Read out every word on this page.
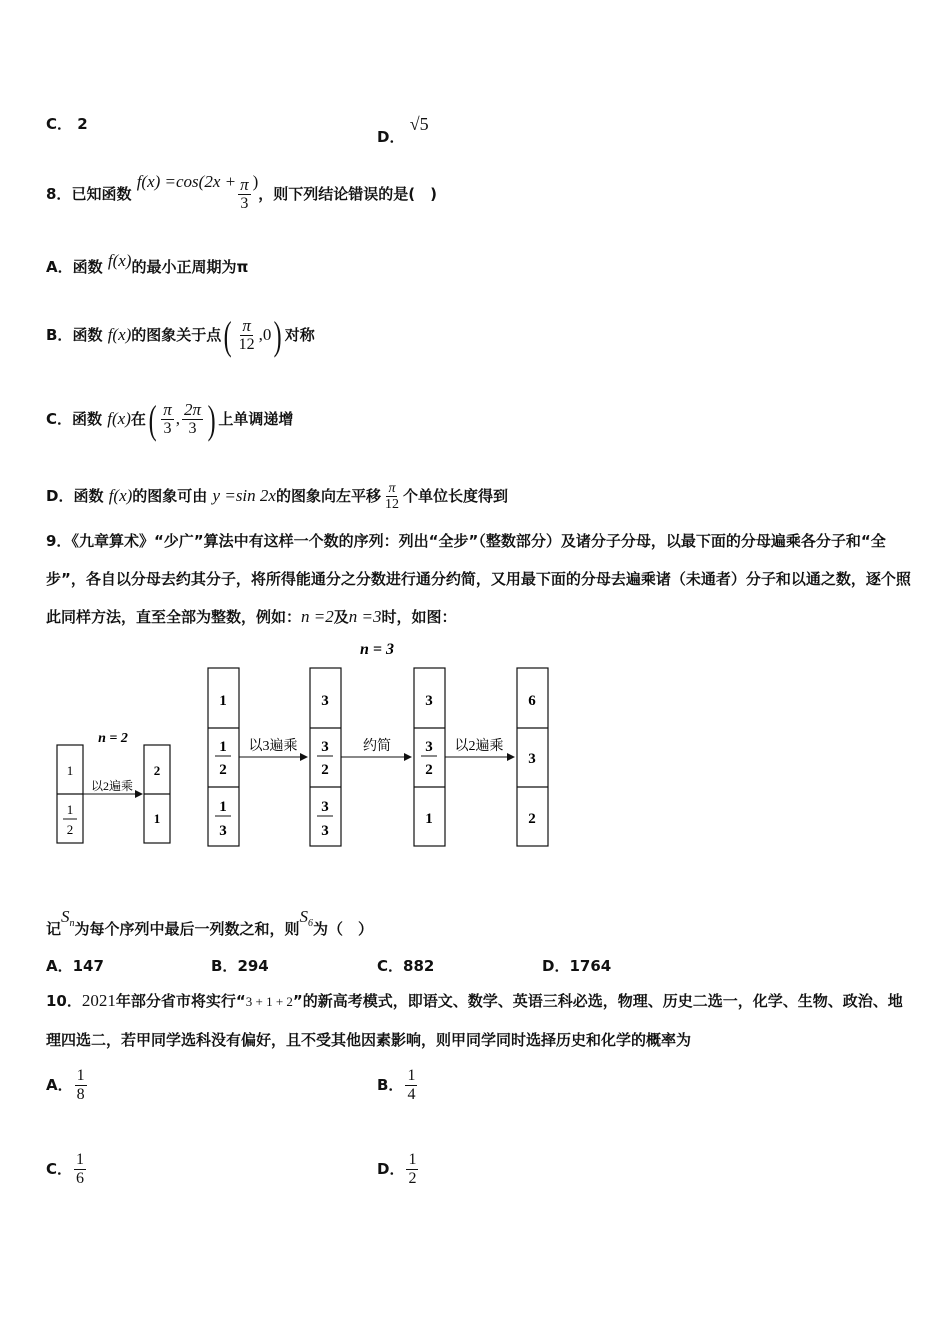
C． 2
D． √5
8．已知函数 $f(x) =\cos(2x + \frac{\pi}{3}$ )，则下列结论错误的是(　)
A．函数 f(x)的最小正周期为π
B．函数 f(x)的图象关于点( $\frac{\pi}{12} ,0$) 对称
C．函数 f(x)在( $\frac{\pi}{3}$ , $\frac{2\pi}{3}$ ) 上单调递增
D．函数 f(x)的图象可由 y =sin 2x的图象向左平移 $\frac{\pi}{12}$ 个单位长度得到
9．《九章算术》“少广”算法中有这样一个数的序列：列出“全步”（整数部分）及诸分子分母，以最下面的分母遍乘各分子和“全步”，各自以分母去约其分子，将所得能通分之分数进行通分约简，又用最下面的分母去遍乘诸（未通者）分子和以通之数，逐个照此同样方法，直至全部为整数，例如：n =2及n =3时，如图：
n = 3
n = 2
1
1
2
以2遍乘
2
1
1
1
2
1
3
以3遍乘
3
3
2
3
3
约简
3
3
2
1
以2遍乘
6
3
2
记$S_n$为每个序列中最后一列数之和，则$S_6$为（　）
A．147	B．294	C．882	D．1764
10．2021年部分省市将实行“3 + 1 + 2”的新高考模式，即语文、数学、英语三科必选，物理、历史二选一，化学、生物、政治、地理四选二，若甲同学选科没有偏好，且不受其他因素影响，则甲同学同时选择历史和化学的概率为
A． $\frac{1}{8}$	B． $\frac{1}{4}$
C． $\frac{1}{6}$	D． $\frac{1}{2}$
